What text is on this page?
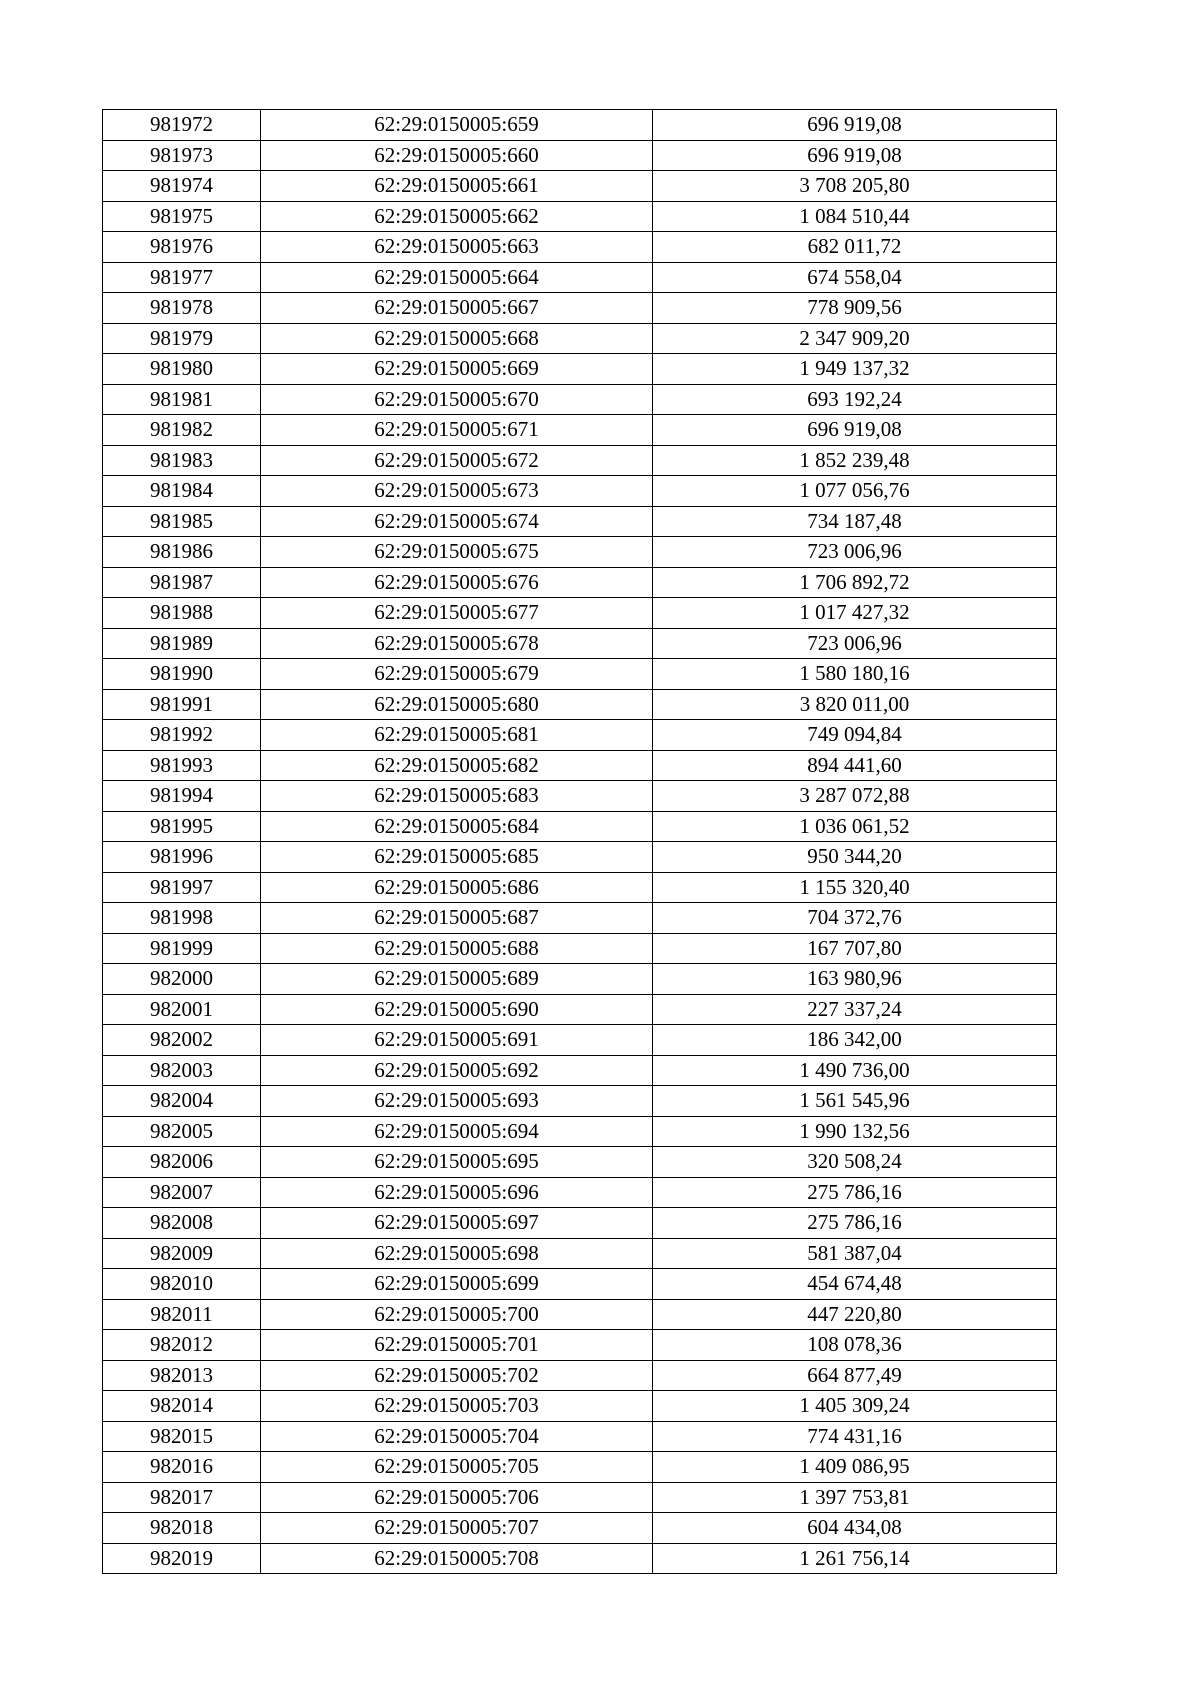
981972	62:29:0150005:659	696 919,08
981973	62:29:0150005:660	696 919,08
981974	62:29:0150005:661	3 708 205,80
981975	62:29:0150005:662	1 084 510,44
981976	62:29:0150005:663	682 011,72
981977	62:29:0150005:664	674 558,04
981978	62:29:0150005:667	778 909,56
981979	62:29:0150005:668	2 347 909,20
981980	62:29:0150005:669	1 949 137,32
981981	62:29:0150005:670	693 192,24
981982	62:29:0150005:671	696 919,08
981983	62:29:0150005:672	1 852 239,48
981984	62:29:0150005:673	1 077 056,76
981985	62:29:0150005:674	734 187,48
981986	62:29:0150005:675	723 006,96
981987	62:29:0150005:676	1 706 892,72
981988	62:29:0150005:677	1 017 427,32
981989	62:29:0150005:678	723 006,96
981990	62:29:0150005:679	1 580 180,16
981991	62:29:0150005:680	3 820 011,00
981992	62:29:0150005:681	749 094,84
981993	62:29:0150005:682	894 441,60
981994	62:29:0150005:683	3 287 072,88
981995	62:29:0150005:684	1 036 061,52
981996	62:29:0150005:685	950 344,20
981997	62:29:0150005:686	1 155 320,40
981998	62:29:0150005:687	704 372,76
981999	62:29:0150005:688	167 707,80
982000	62:29:0150005:689	163 980,96
982001	62:29:0150005:690	227 337,24
982002	62:29:0150005:691	186 342,00
982003	62:29:0150005:692	1 490 736,00
982004	62:29:0150005:693	1 561 545,96
982005	62:29:0150005:694	1 990 132,56
982006	62:29:0150005:695	320 508,24
982007	62:29:0150005:696	275 786,16
982008	62:29:0150005:697	275 786,16
982009	62:29:0150005:698	581 387,04
982010	62:29:0150005:699	454 674,48
982011	62:29:0150005:700	447 220,80
982012	62:29:0150005:701	108 078,36
982013	62:29:0150005:702	664 877,49
982014	62:29:0150005:703	1 405 309,24
982015	62:29:0150005:704	774 431,16
982016	62:29:0150005:705	1 409 086,95
982017	62:29:0150005:706	1 397 753,81
982018	62:29:0150005:707	604 434,08
982019	62:29:0150005:708	1 261 756,14
